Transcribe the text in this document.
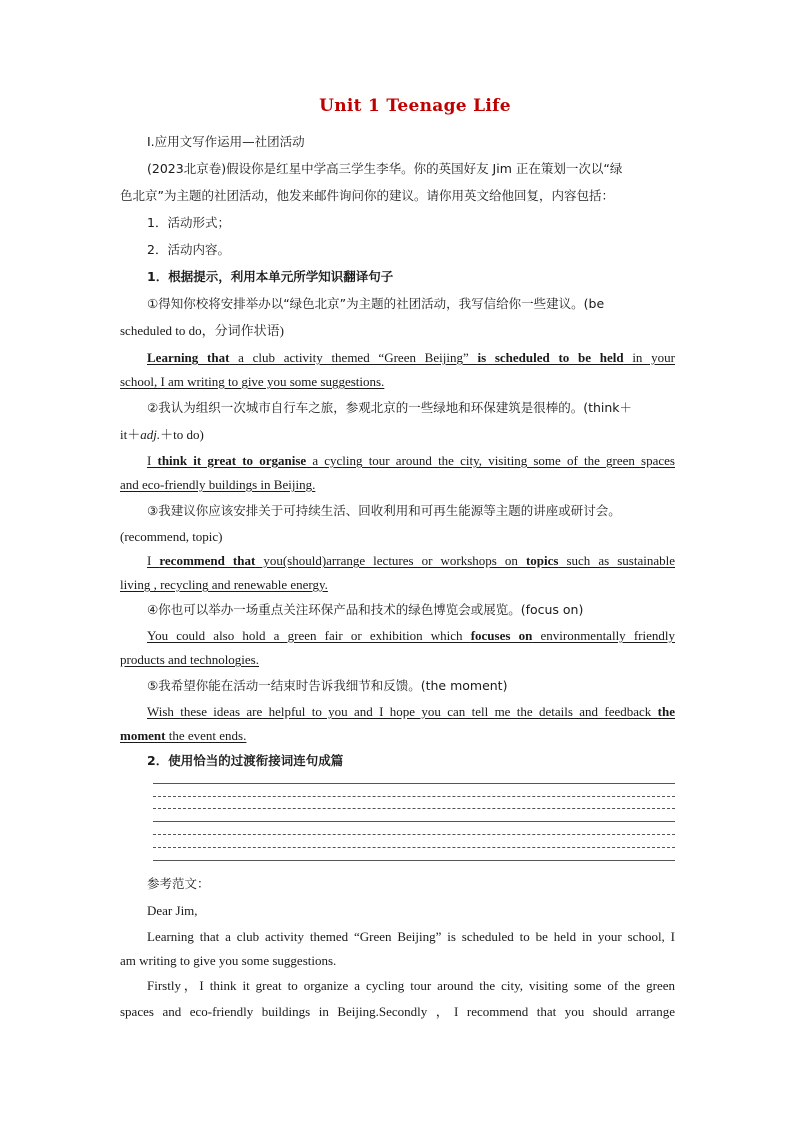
Unit 1 Teenage Life
Ⅰ.应用文写作运用—社团活动
(2023北京卷)假设你是红星中学高三学生李华。你的英国好友 Jim 正在策划一次以“绿
色北京”为主题的社团活动，他发来邮件询问你的建议。请你用英文给他回复，内容包括：
1．活动形式；
2．活动内容。
1．根据提示，利用本单元所学知识翻译句子
①得知你校将安排举办以“绿色北京”为主题的社团活动，我写信给你一些建议。(be
scheduled to do，分词作状语)
Learning that a club activity themed “Green Beijing” is scheduled to be held in your
school, I am writing to give you some suggestions.
②我认为组织一次城市自行车之旅，参观北京的一些绿地和环保建筑是很棒的。(think＋
it＋adj.＋to do)
I think it great to organise a cycling tour around the city, visiting some of the green spaces
and eco-friendly buildings in Beijing.
③我建议你应该安排关于可持续生活、回收利用和可再生能源等主题的讲座或研讨会。
(recommend, topic)
I recommend that you(should)arrange lectures or workshops on topics such as sustainable
living , recycling and renewable energy.
④你也可以举办一场重点关注环保产品和技术的绿色博览会或展览。(focus on)
You could also hold a green fair or exhibition which focuses on environmentally friendly
products and technologies.
⑤我希望你能在活动一结束时告诉我细节和反馈。(the moment)
Wish these ideas are helpful to you and I hope you can tell me the details and feedback the
moment the event ends.
2．使用恰当的过渡衔接词连句成篇
参考范文：
Dear Jim,
Learning that a club activity themed “Green Beijing” is scheduled to be held in your school, I
am writing to give you some suggestions.
Firstly，I think it great to organize a cycling tour around the city, visiting some of the green
spaces and eco-friendly buildings in Beijing.Secondly ，I recommend that you should arrange
